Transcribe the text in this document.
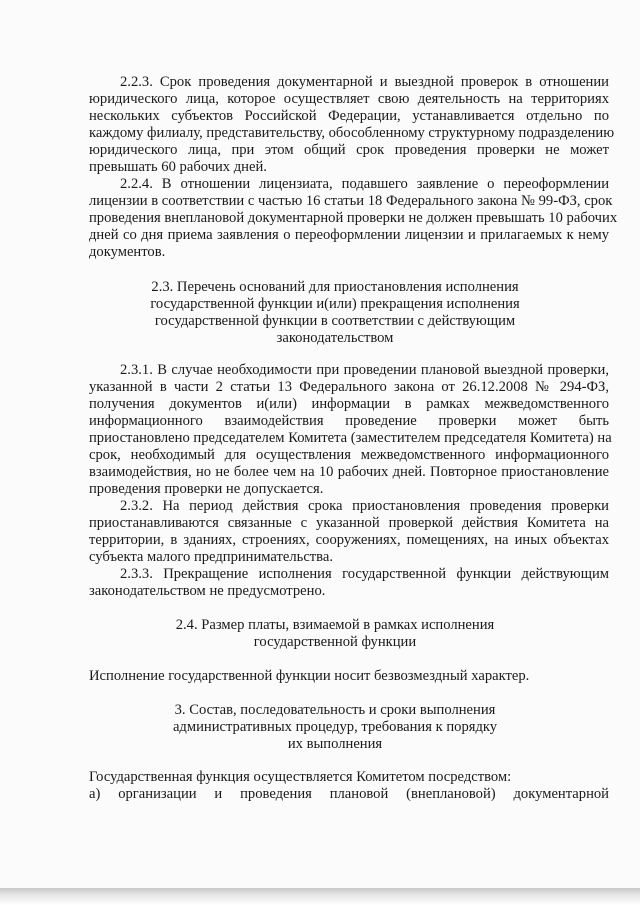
2.2.3. Срок проведения документарной и выездной проверок в отношении
юридического лица, которое осуществляет свою деятельность на территориях
нескольких субъектов Российской Федерации, устанавливается отдельно по
каждому филиалу, представительству, обособленному структурному подразделению
юридического лица, при этом общий срок проведения проверки не может
превышать 60 рабочих дней.
2.2.4. В отношении лицензиата, подавшего заявление о переоформлении
лицензии в соответствии с частью 16 статьи 18 Федерального закона № 99-ФЗ, срок
проведения внеплановой документарной проверки не должен превышать 10 рабочих
дней со дня приема заявления о переоформлении лицензии и прилагаемых к нему
документов.
2.3. Перечень оснований для приостановления исполнения
государственной функции и(или) прекращения исполнения
государственной функции в соответствии с действующим
законодательством
2.3.1. В случае необходимости при проведении плановой выездной проверки,
указанной в части 2 статьи 13 Федерального закона от 26.12.2008 № 294-ФЗ,
получения документов и(или) информации в рамках межведомственного
информационного взаимодействия проведение проверки может быть
приостановлено председателем Комитета (заместителем председателя Комитета) на
срок, необходимый для осуществления межведомственного информационного
взаимодействия, но не более чем на 10 рабочих дней. Повторное приостановление
проведения проверки не допускается.
2.3.2. На период действия срока приостановления проведения проверки
приостанавливаются связанные с указанной проверкой действия Комитета на
территории, в зданиях, строениях, сооружениях, помещениях, на иных объектах
субъекта малого предпринимательства.
2.3.3. Прекращение исполнения государственной функции действующим
законодательством не предусмотрено.
2.4. Размер платы, взимаемой в рамках исполнения
государственной функции
Исполнение государственной функции носит безвозмездный характер.
3. Состав, последовательность и сроки выполнения
административных процедур, требования к порядку
их выполнения
Государственная функция осуществляется Комитетом посредством:
а) организации и проведения плановой (внеплановой) документарной
